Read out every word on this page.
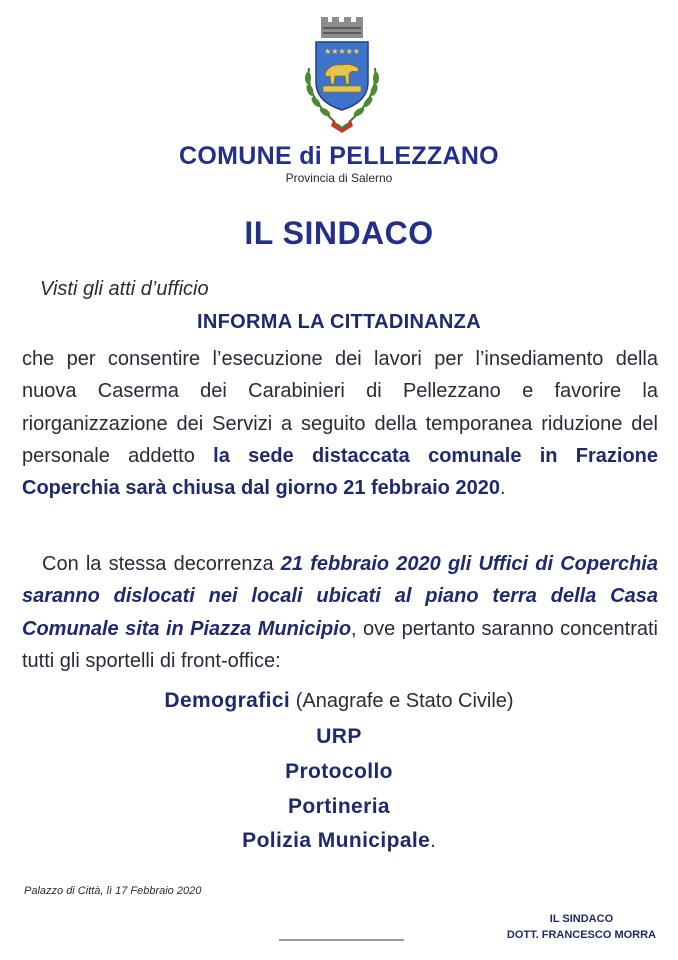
★★★★★
COMUNE di PELLEZZANO
Provincia di Salerno
IL SINDACO
Visti gli atti d’ufficio
INFORMA LA CITTADINANZA
che per consentire l’esecuzione dei lavori per l’insediamento della nuova Caserma dei Carabinieri di Pellezzano e favorire la riorganizzazione dei Servizi a seguito della temporanea riduzione del personale addetto la sede distaccata comunale in Frazione Coperchia sarà chiusa dal giorno 21 febbraio 2020.
 Con la stessa decorrenza 21 febbraio 2020 gli Uffici di Coperchia saranno dislocati nei locali ubicati al piano terra della Casa Comunale sita in Piazza Municipio, ove pertanto saranno concentrati tutti gli sportelli di front-office:
Demografici (Anagrafe e Stato Civile)
URP
Protocollo
Portineria
Polizia Municipale.
Palazzo di Città, lì 17 Febbraio 2020
IL SINDACO
DOTT. FRANCESCO MORRA
